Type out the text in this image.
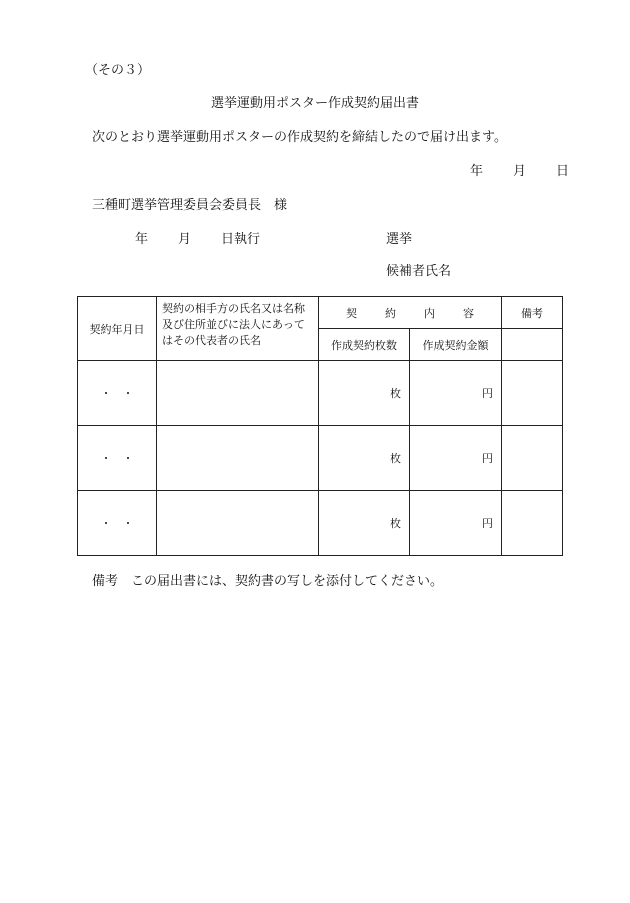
（その３）
選挙運動用ポスター作成契約届出書
次のとおり選挙運動用ポスターの作成契約を締結したので届け出ます。
年 月 日
三種町選挙管理委員会委員長　様
年 月 日執行	選挙
候補者氏名
契約年月日	契約の相手方の氏名又は名称及び住所並びに法人にあってはその代表者の氏名	契 約 内 容		備考
		作成契約枚数	作成契約金額	
・　・		枚	円	
・　・		枚	円	
・　・		枚	円	
備考　この届出書には、契約書の写しを添付してください。
